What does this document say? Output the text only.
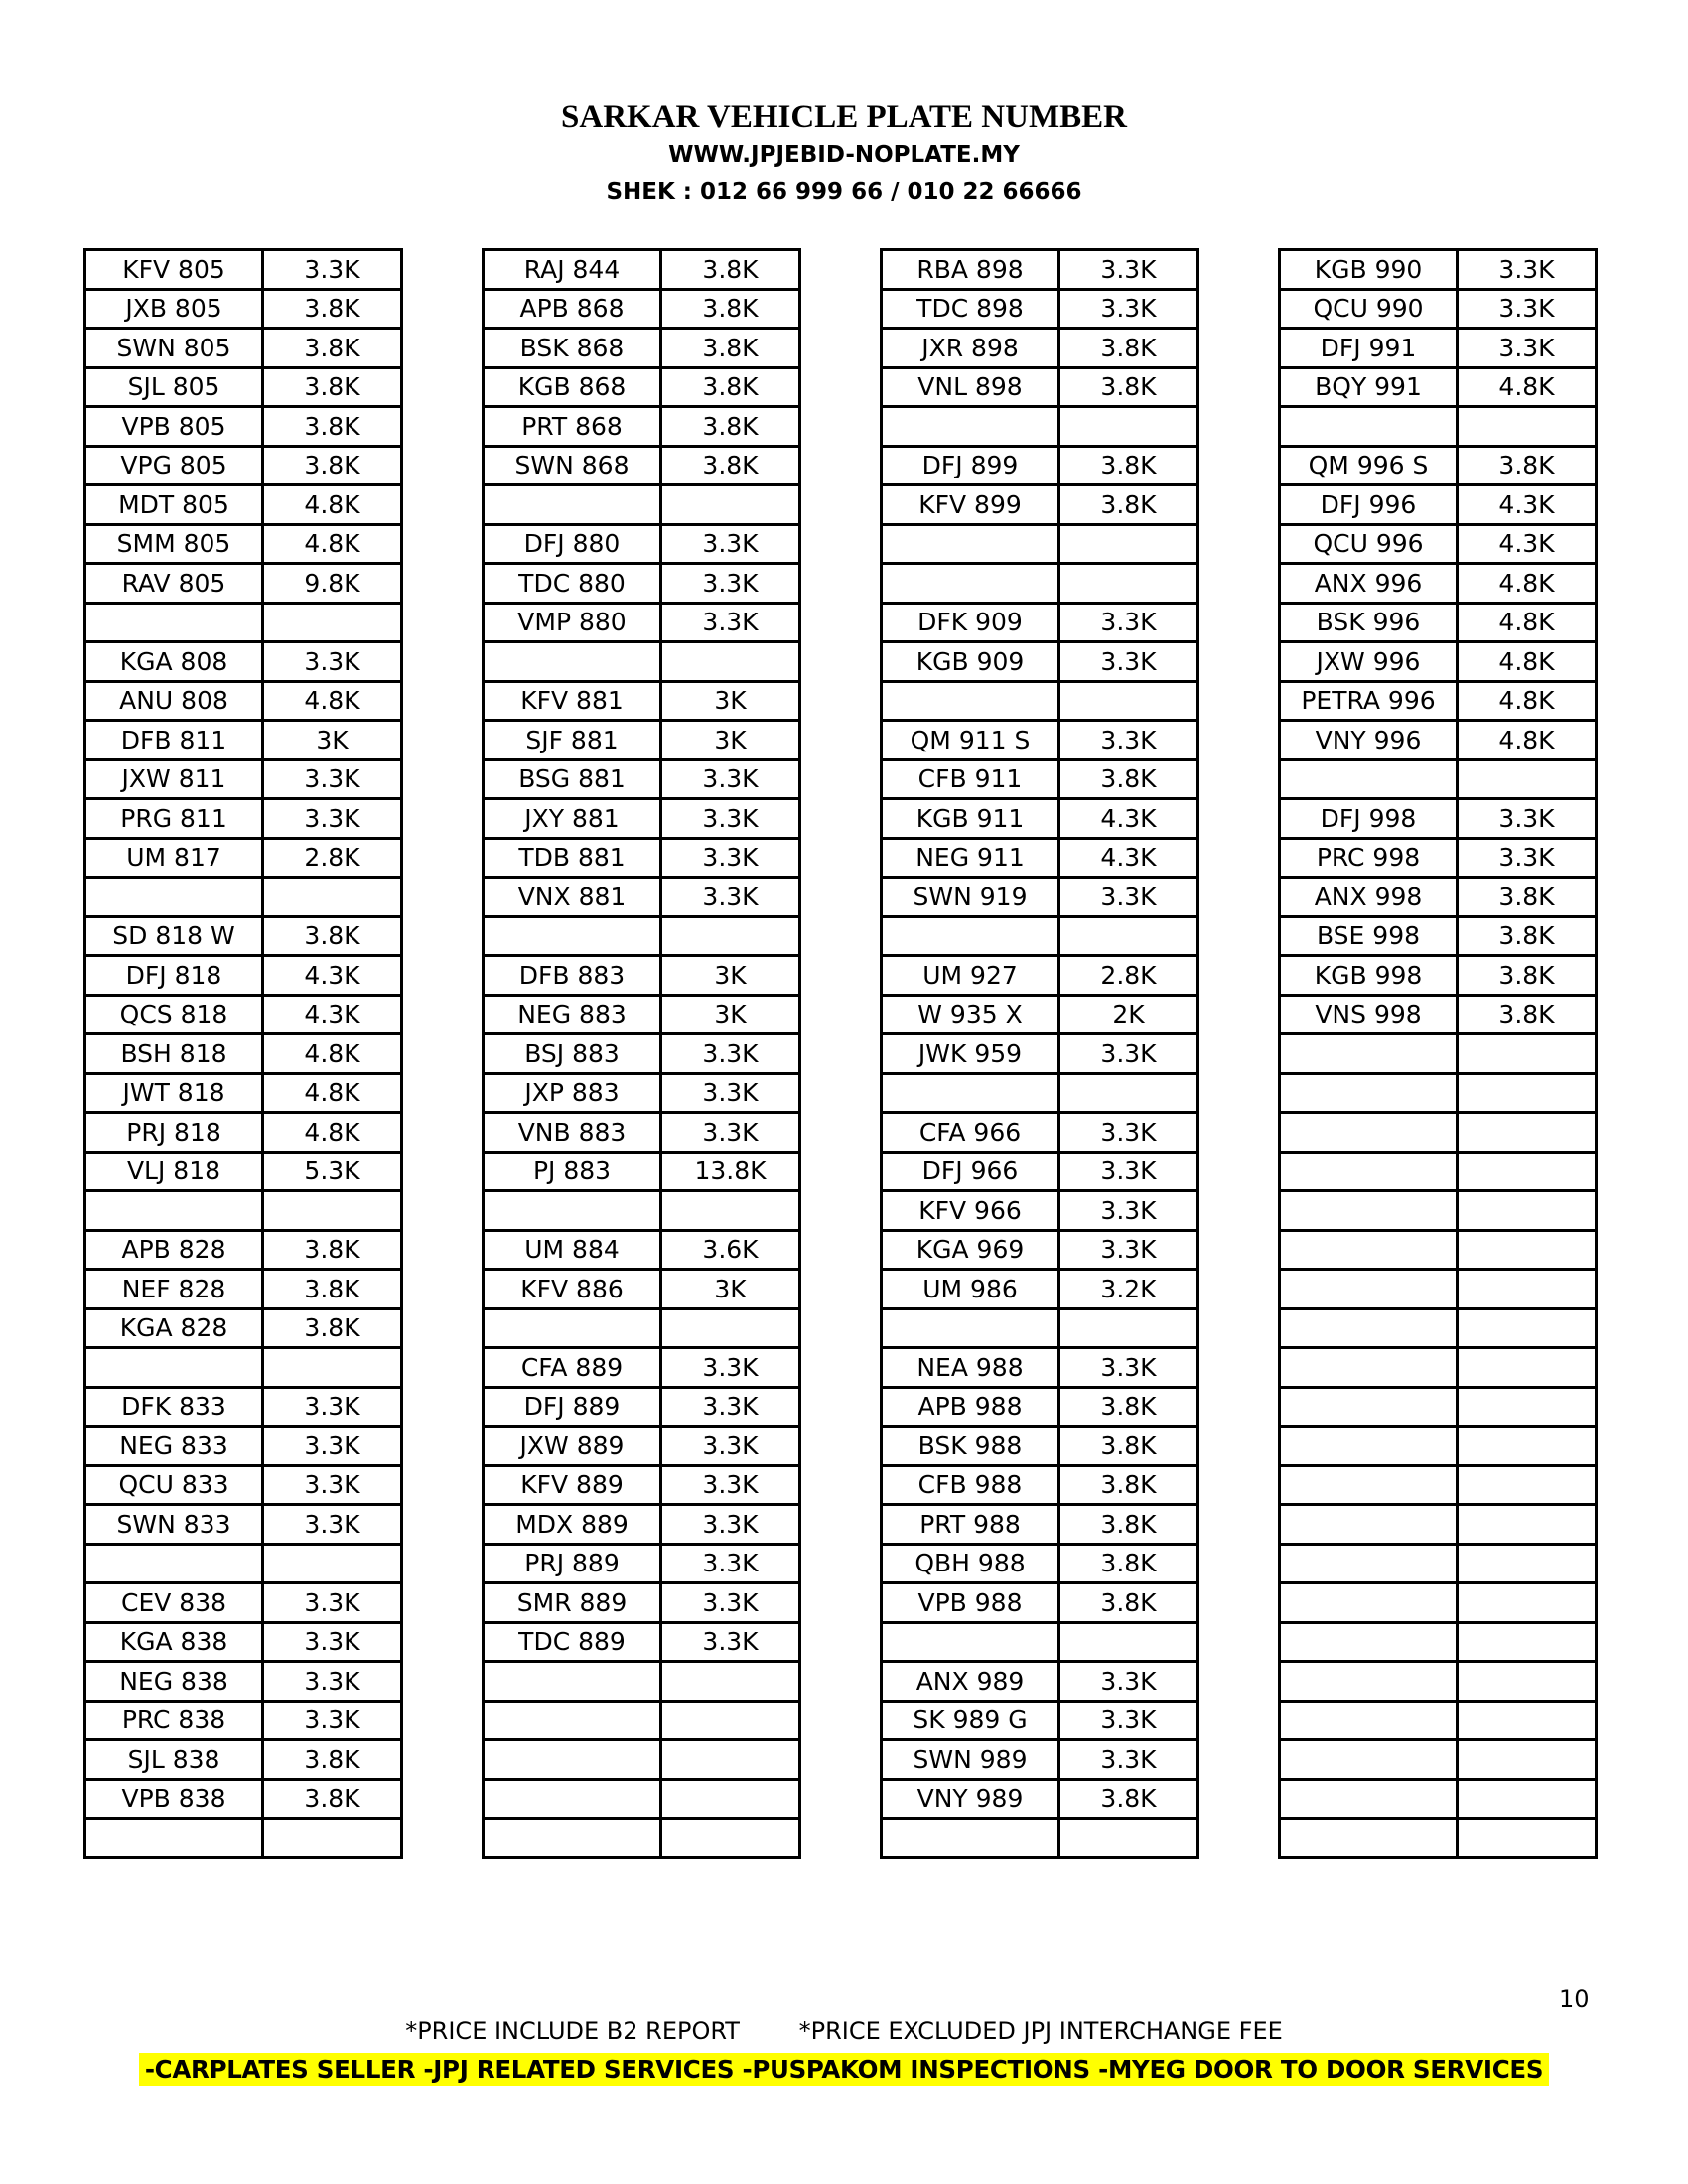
SARKAR VEHICLE PLATE NUMBER
WWW.JPJEBID-NOPLATE.MY
SHEK : 012 66 999 66 / 010 22 66666
KFV 805	3.3K
JXB 805	3.8K
SWN 805	3.8K
SJL 805	3.8K
VPB 805	3.8K
VPG 805	3.8K
MDT 805	4.8K
SMM 805	4.8K
RAV 805	9.8K

KGA 808	3.3K
ANU 808	4.8K
DFB 811	3K
JXW 811	3.3K
PRG 811	3.3K
UM 817	2.8K

SD 818 W	3.8K
DFJ 818	4.3K
QCS 818	4.3K
BSH 818	4.8K
JWT 818	4.8K
PRJ 818	4.8K
VLJ 818	5.3K

APB 828	3.8K
NEF 828	3.8K
KGA 828	3.8K

DFK 833	3.3K
NEG 833	3.3K
QCU 833	3.3K
SWN 833	3.3K

CEV 838	3.3K
KGA 838	3.3K
NEG 838	3.3K
PRC 838	3.3K
SJL 838	3.8K
VPB 838	3.8K

RAJ 844	3.8K
APB 868	3.8K
BSK 868	3.8K
KGB 868	3.8K
PRT 868	3.8K
SWN 868	3.8K

DFJ 880	3.3K
TDC 880	3.3K
VMP 880	3.3K

KFV 881	3K
SJF 881	3K
BSG 881	3.3K
JXY 881	3.3K
TDB 881	3.3K
VNX 881	3.3K

DFB 883	3K
NEG 883	3K
BSJ 883	3.3K
JXP 883	3.3K
VNB 883	3.3K
PJ 883	13.8K

UM 884	3.6K
KFV 886	3K

CFA 889	3.3K
DFJ 889	3.3K
JXW 889	3.3K
KFV 889	3.3K
MDX 889	3.3K
PRJ 889	3.3K
SMR 889	3.3K
TDC 889	3.3K

RBA 898	3.3K
TDC 898	3.3K
JXR 898	3.8K
VNL 898	3.8K

DFJ 899	3.8K
KFV 899	3.8K

DFK 909	3.3K
KGB 909	3.3K

QM 911 S	3.3K
CFB 911	3.8K
KGB 911	4.3K
NEG 911	4.3K
SWN 919	3.3K

UM 927	2.8K
W 935 X	2K
JWK 959	3.3K

CFA 966	3.3K
DFJ 966	3.3K
KFV 966	3.3K
KGA 969	3.3K
UM 986	3.2K

NEA 988	3.3K
APB 988	3.8K
BSK 988	3.8K
CFB 988	3.8K
PRT 988	3.8K
QBH 988	3.8K
VPB 988	3.8K

ANX 989	3.3K
SK 989 G	3.3K
SWN 989	3.3K
VNY 989	3.8K

KGB 990	3.3K
QCU 990	3.3K
DFJ 991	3.3K
BQY 991	4.8K

QM 996 S	3.8K
DFJ 996	4.3K
QCU 996	4.3K
ANX 996	4.8K
BSK 996	4.8K
JXW 996	4.8K
PETRA 996	4.8K
VNY 996	4.8K

DFJ 998	3.3K
PRC 998	3.3K
ANX 998	3.8K
BSE 998	3.8K
KGB 998	3.8K
VNS 998	3.8K

10
*PRICE INCLUDE B2 REPORT *PRICE EXCLUDED JPJ INTERCHANGE FEE
-CARPLATES SELLER -JPJ RELATED SERVICES -PUSPAKOM INSPECTIONS -MYEG DOOR TO DOOR SERVICES
